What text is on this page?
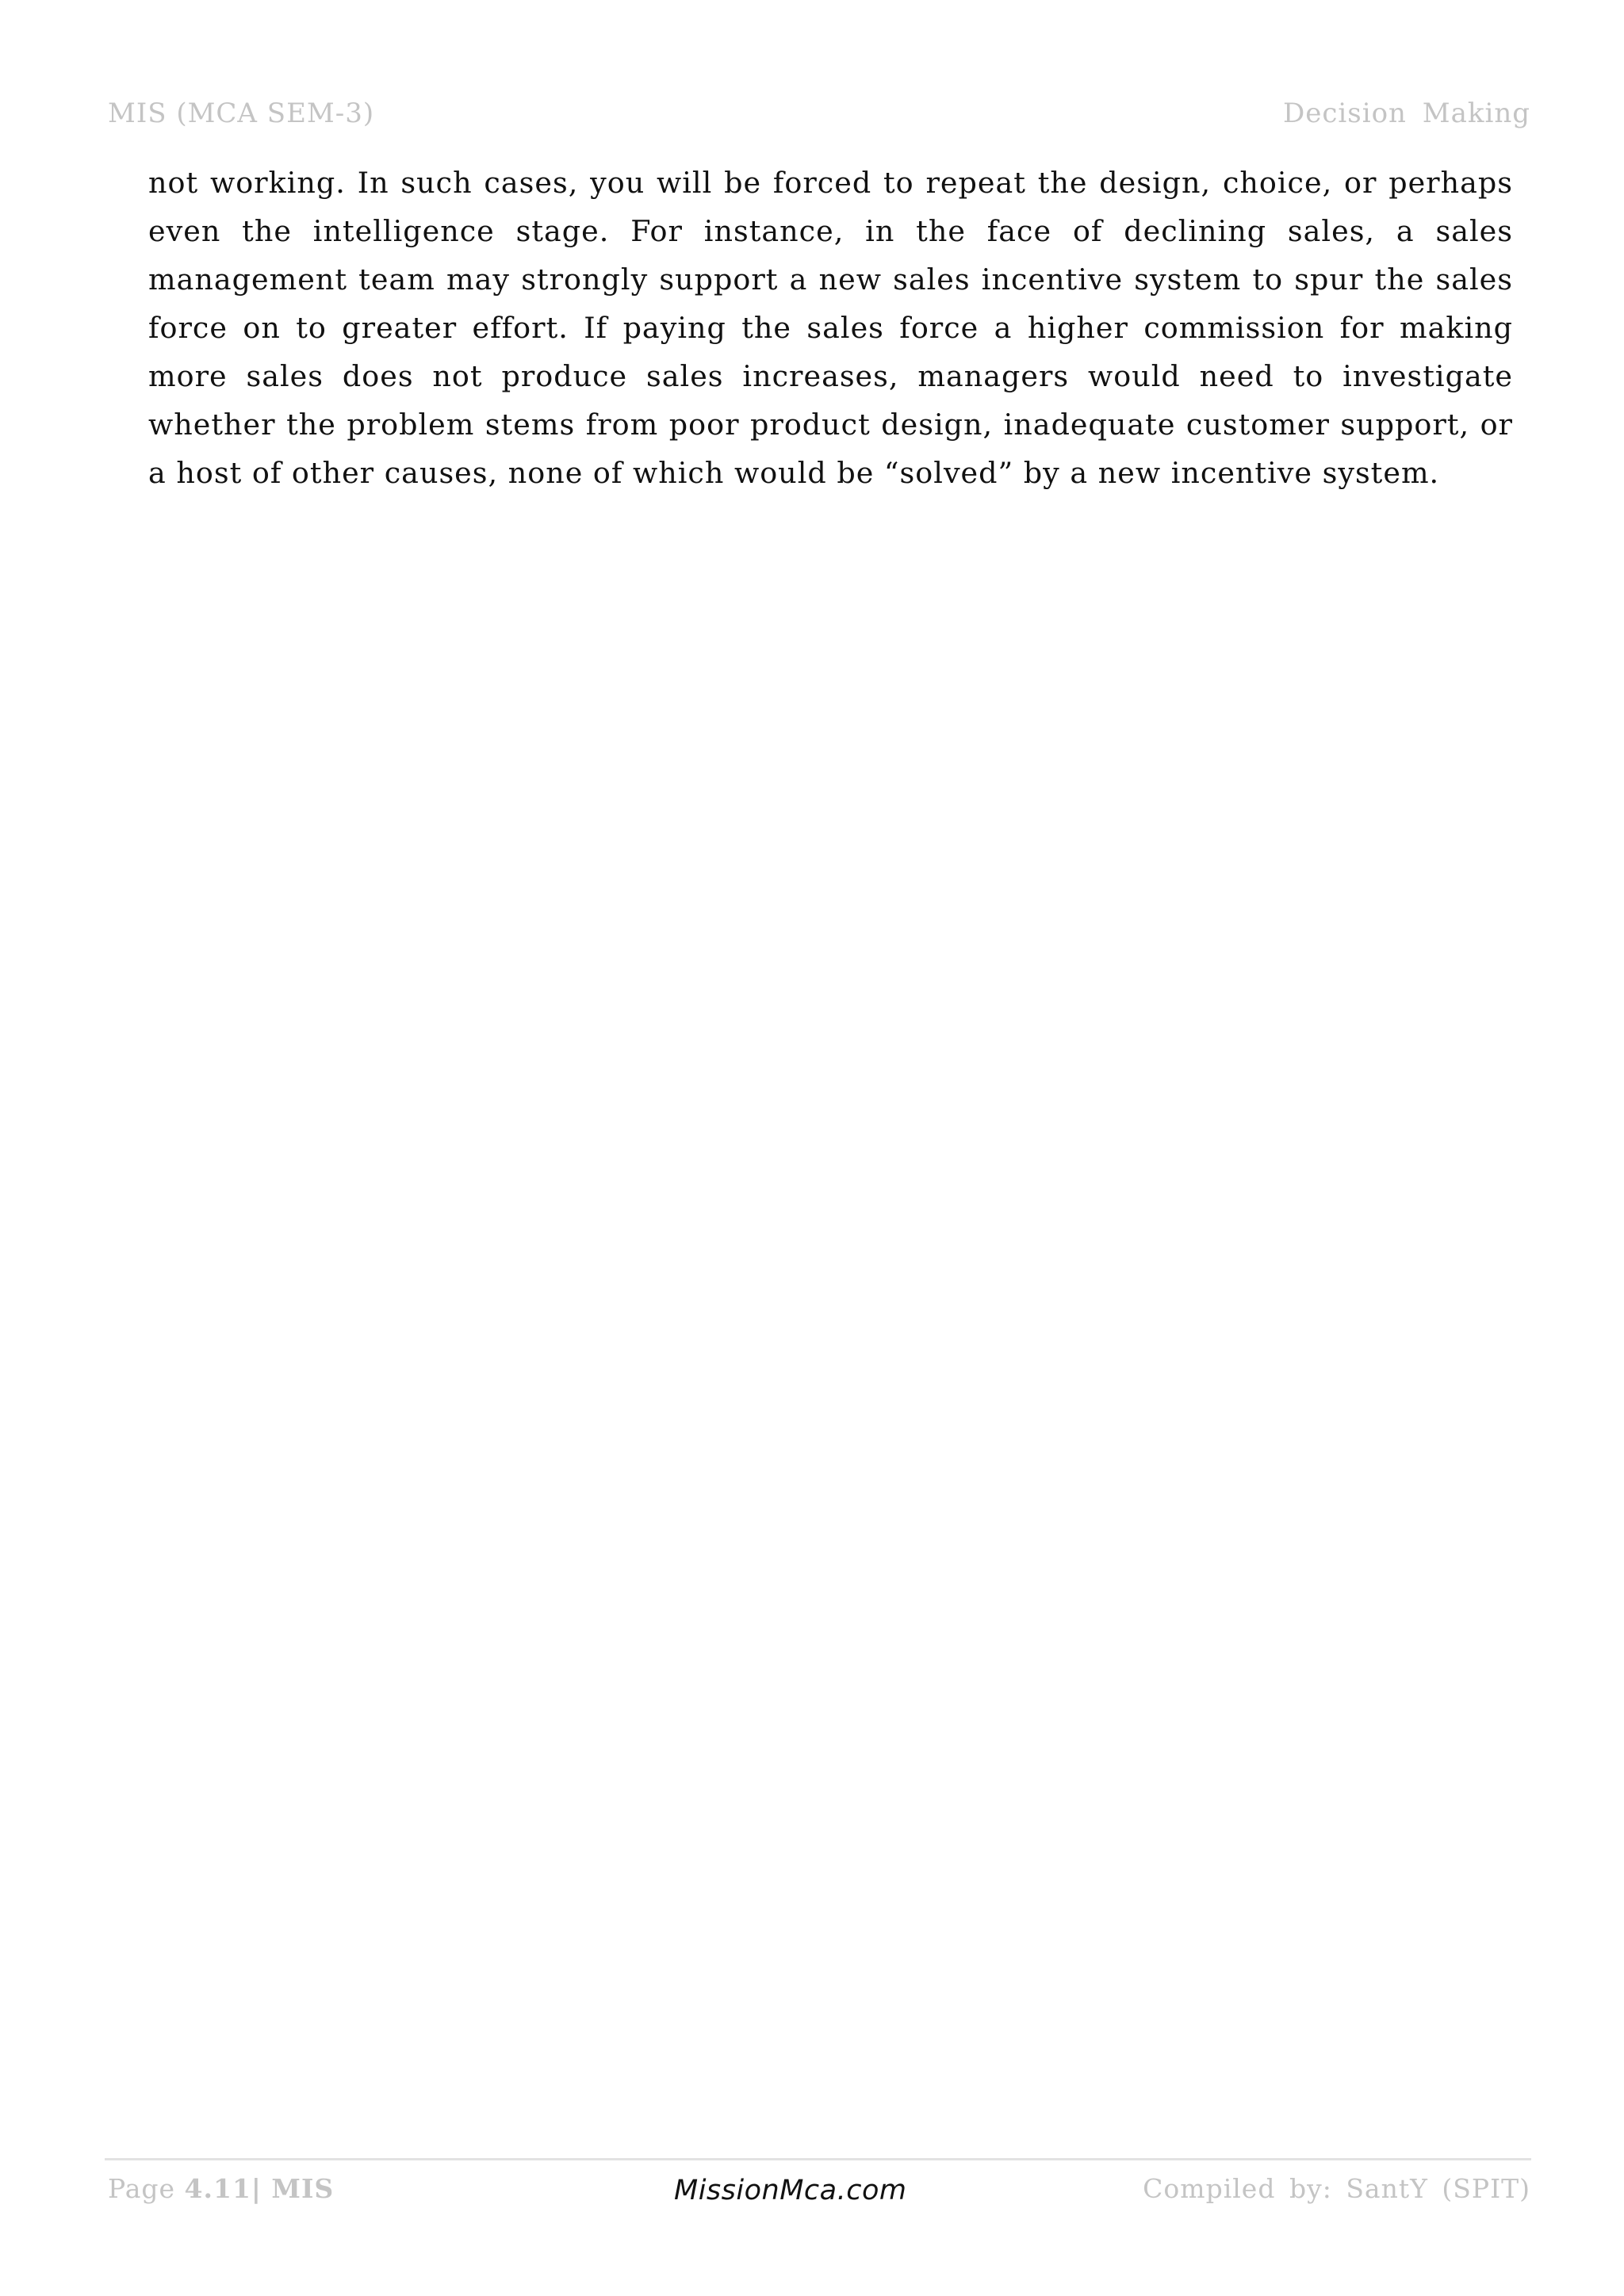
MIS (MCA SEM-3)	Decision Making

not working. In such cases, you will be forced to repeat the design, choice, or perhaps even the intelligence stage. For instance, in the face of declining sales, a sales management team may strongly support a new sales incentive system to spur the sales force on to greater effort. If paying the sales force a higher commission for making more sales does not produce sales increases, managers would need to investigate whether the problem stems from poor product design, inadequate customer support, or a host of other causes, none of which would be “solved” by a new incentive system.

Page 4.11| MIS	MissionMca.com	Compiled by: SantY (SPIT)
